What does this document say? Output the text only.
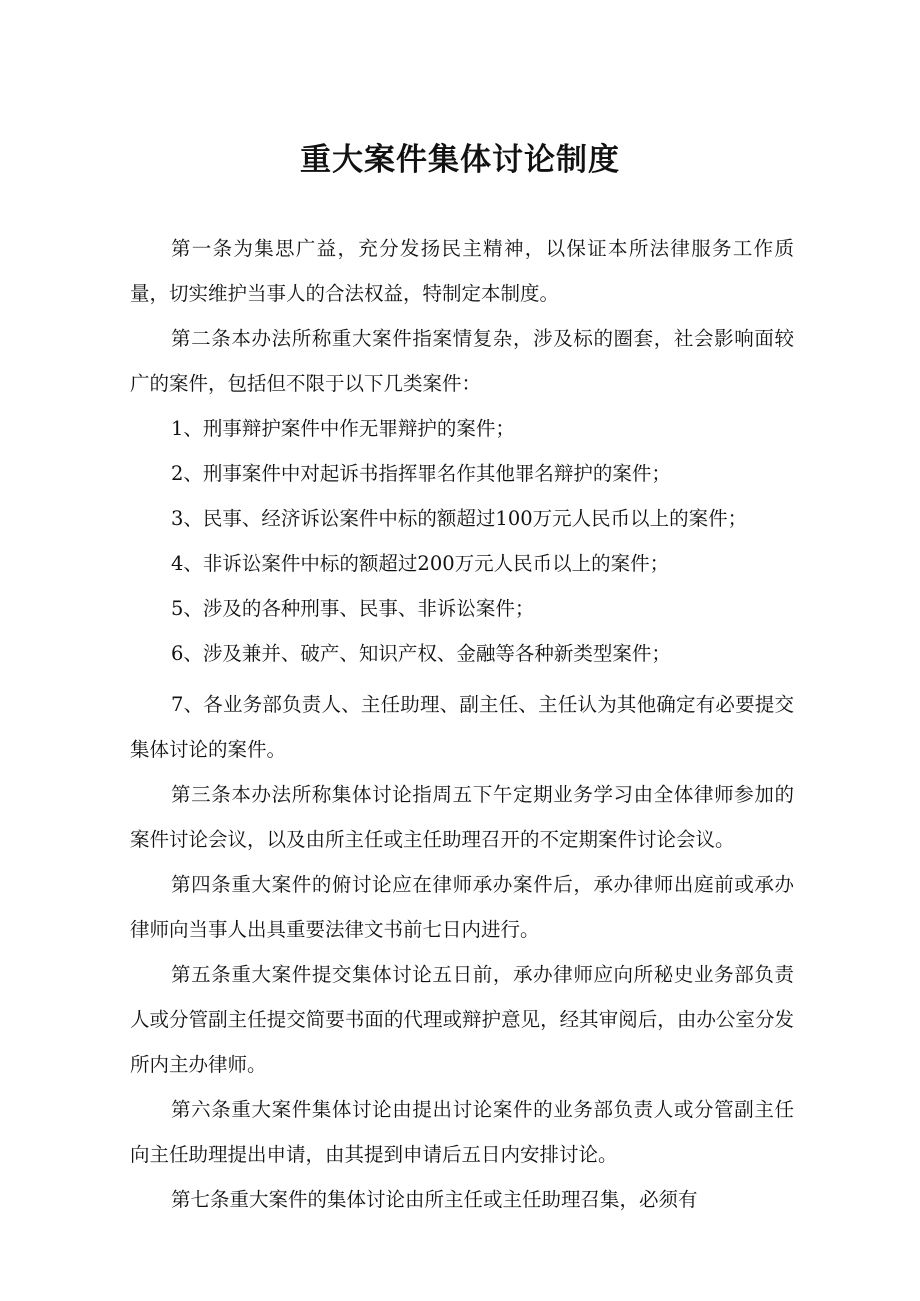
重大案件集体讨论制度

第一条为集思广益，充分发扬民主精神，以保证本所法律服务工作质量，切实维护当事人的合法权益，特制定本制度。

第二条本办法所称重大案件指案情复杂，涉及标的圈套，社会影响面较广的案件，包括但不限于以下几类案件：

1、刑事辩护案件中作无罪辩护的案件；

2、刑事案件中对起诉书指挥罪名作其他罪名辩护的案件；

3、民事、经济诉讼案件中标的额超过100万元人民币以上的案件；

4、非诉讼案件中标的额超过200万元人民币以上的案件；

5、涉及的各种刑事、民事、非诉讼案件；

6、涉及兼并、破产、知识产权、金融等各种新类型案件；

7、各业务部负责人、主任助理、副主任、主任认为其他确定有必要提交集体讨论的案件。

第三条本办法所称集体讨论指周五下午定期业务学习由全体律师参加的案件讨论会议，以及由所主任或主任助理召开的不定期案件讨论会议。

第四条重大案件的俯讨论应在律师承办案件后，承办律师出庭前或承办律师向当事人出具重要法律文书前七日内进行。

第五条重大案件提交集体讨论五日前，承办律师应向所秘史业务部负责人或分管副主任提交简要书面的代理或辩护意见，经其审阅后，由办公室分发所内主办律师。

第六条重大案件集体讨论由提出讨论案件的业务部负责人或分管副主任向主任助理提出申请，由其提到申请后五日内安排讨论。

第七条重大案件的集体讨论由所主任或主任助理召集，必须有
